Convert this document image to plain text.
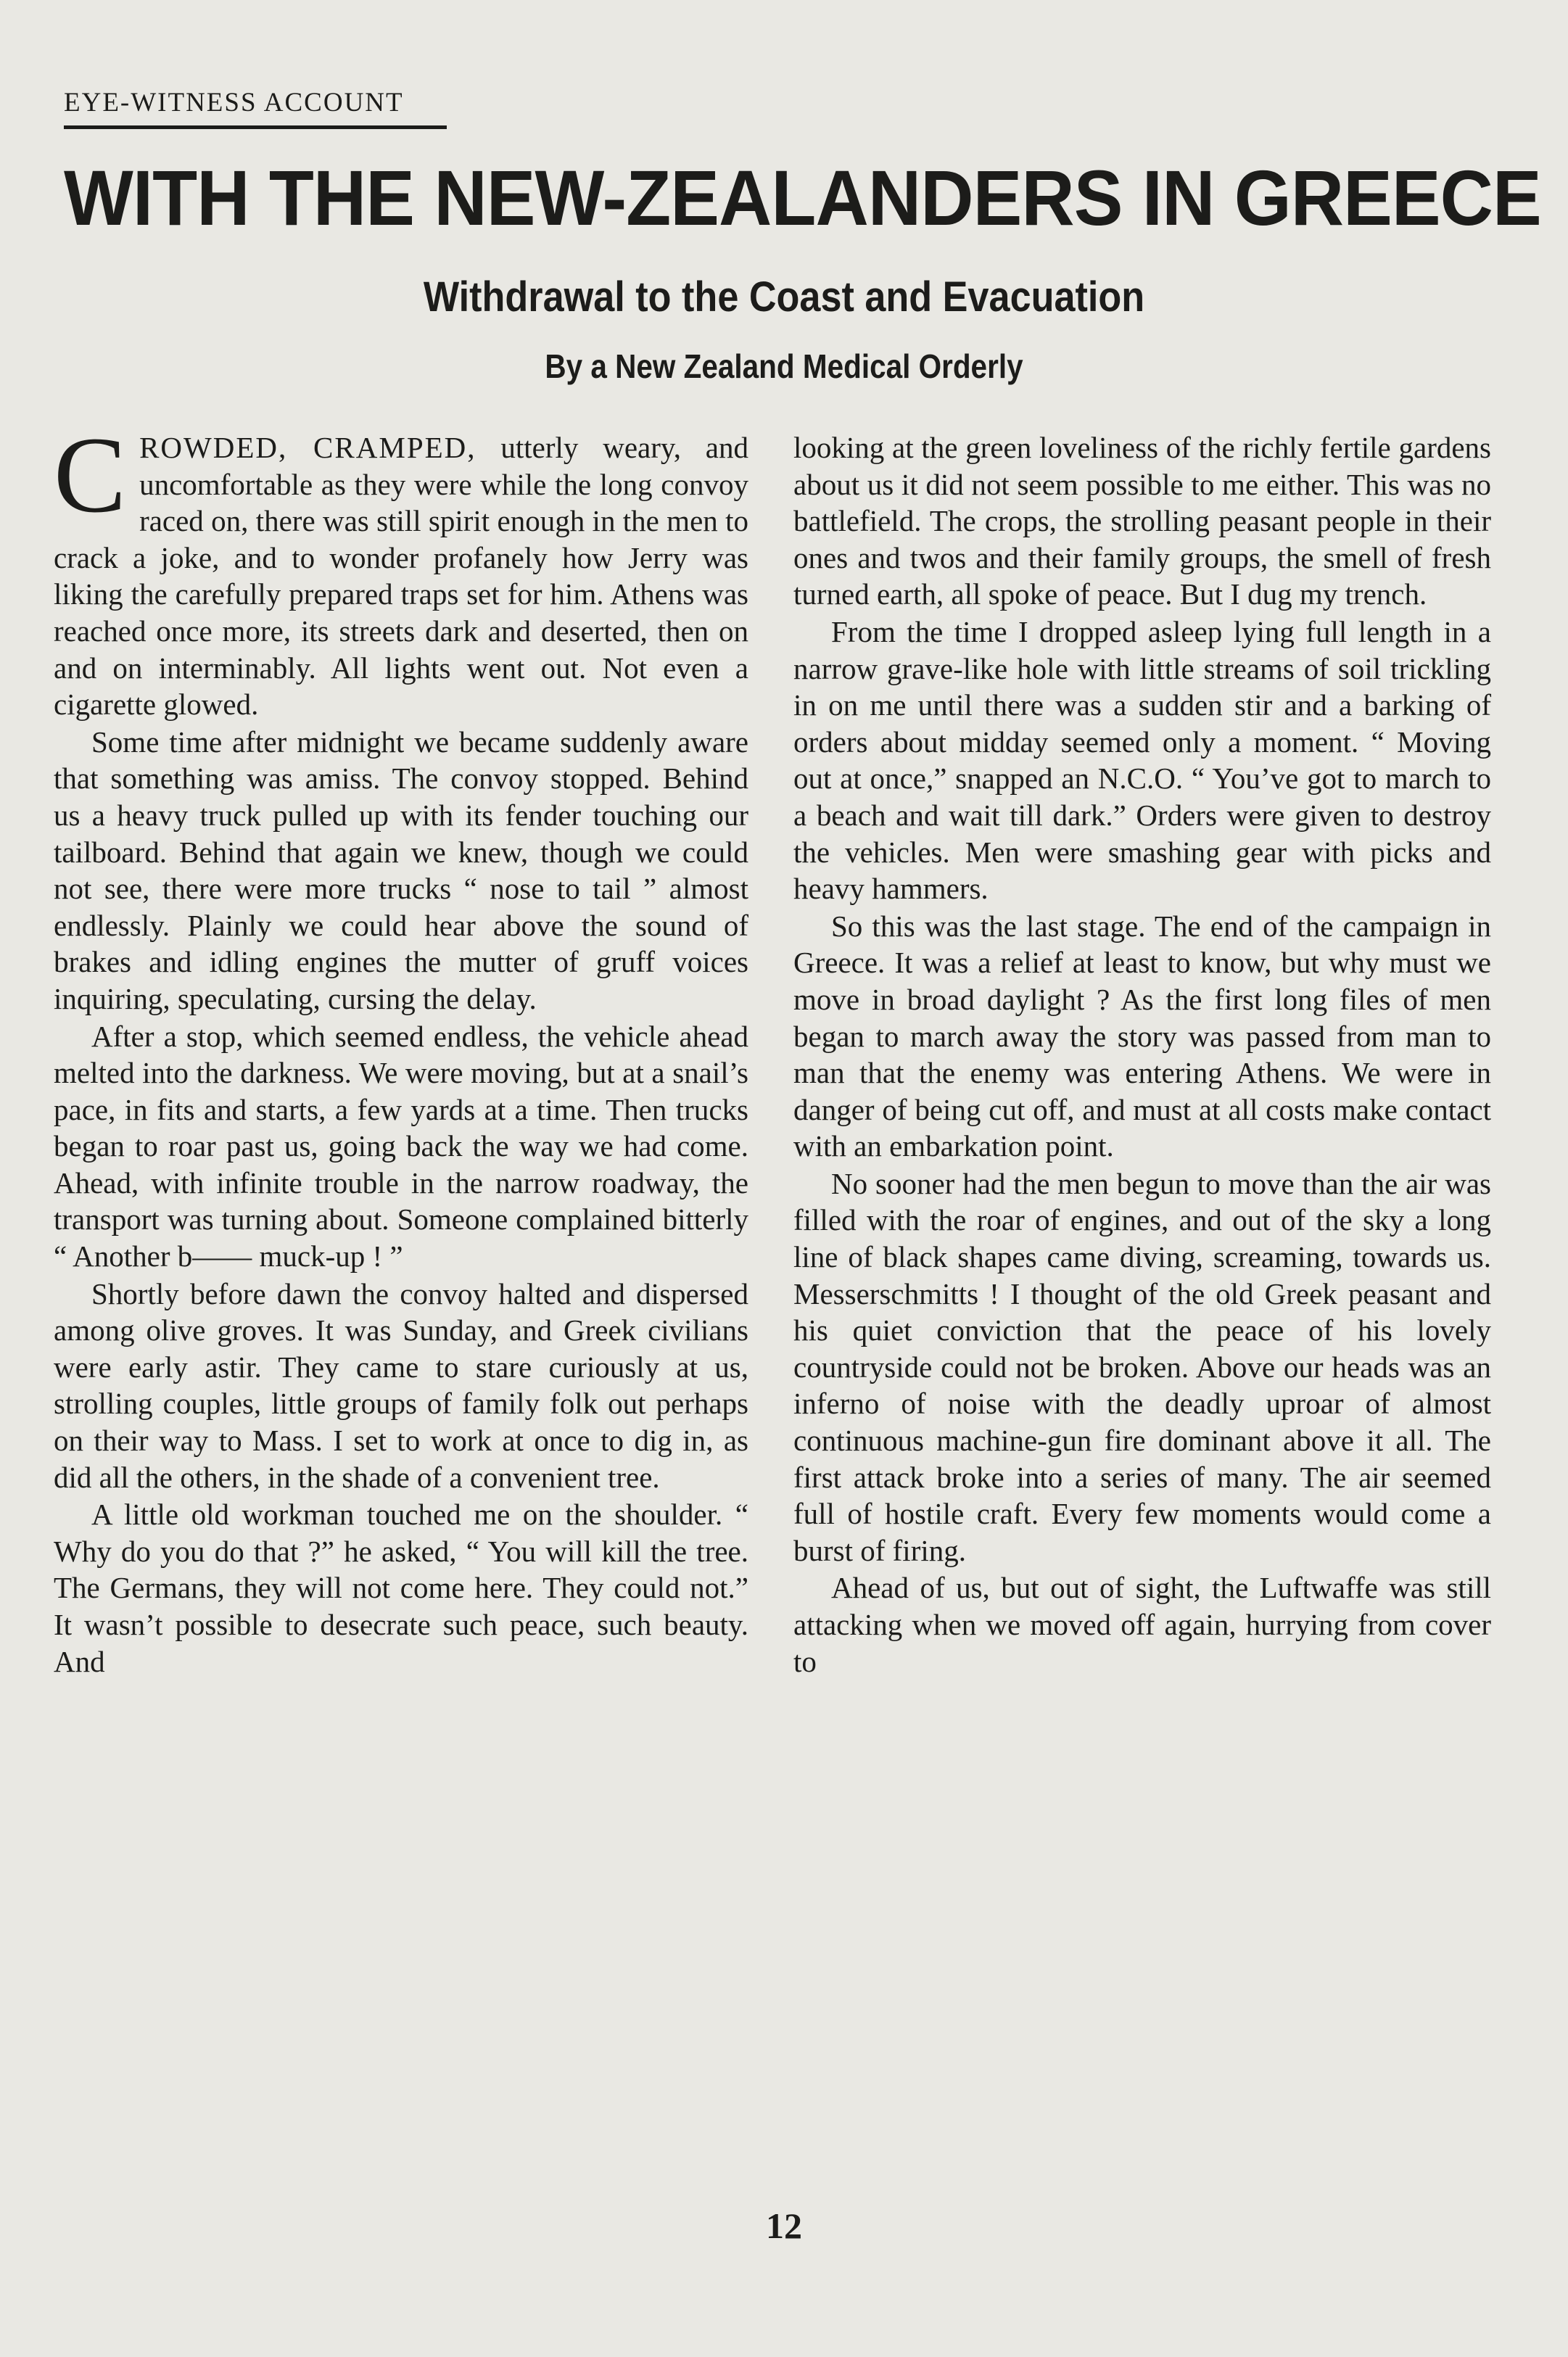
EYE-WITNESS ACCOUNT
WITH THE NEW-ZEALANDERS IN GREECE
Withdrawal to the Coast and Evacuation
By a New Zealand Medical Orderly

CROWDED, CRAMPED, utterly weary, and uncomfortable as they were while the long convoy raced on, there was still spirit enough in the men to crack a joke, and to wonder profanely how Jerry was liking the carefully prepared traps set for him. Athens was reached once more, its streets dark and deserted, then on and on interminably. All lights went out. Not even a cigarette glowed.

Some time after midnight we became suddenly aware that something was amiss. The convoy stopped. Behind us a heavy truck pulled up with its fender touching our tailboard. Behind that again we knew, though we could not see, there were more trucks “ nose to tail ” almost endlessly. Plainly we could hear above the sound of brakes and idling engines the mutter of gruff voices inquiring, speculating, cursing the delay.

After a stop, which seemed endless, the vehicle ahead melted into the darkness. We were moving, but at a snail’s pace, in fits and starts, a few yards at a time. Then trucks began to roar past us, going back the way we had come. Ahead, with infinite trouble in the narrow roadway, the transport was turning about. Someone complained bitterly “ Another b—— muck-up ! ”

Shortly before dawn the convoy halted and dispersed among olive groves. It was Sunday, and Greek civilians were early astir. They came to stare curiously at us, strolling couples, little groups of family folk out perhaps on their way to Mass. I set to work at once to dig in, as did all the others, in the shade of a convenient tree.

A little old workman touched me on the shoulder. “ Why do you do that ?” he asked, “ You will kill the tree. The Germans, they will not come here. They could not.” It wasn’t possible to desecrate such peace, such beauty. And

looking at the green loveliness of the richly fertile gardens about us it did not seem possible to me either. This was no battlefield. The crops, the strolling peasant people in their ones and twos and their family groups, the smell of fresh turned earth, all spoke of peace. But I dug my trench.

From the time I dropped asleep lying full length in a narrow grave-like hole with little streams of soil trickling in on me until there was a sudden stir and a barking of orders about midday seemed only a moment. “ Moving out at once,” snapped an N.C.O. “ You’ve got to march to a beach and wait till dark.” Orders were given to destroy the vehicles. Men were smashing gear with picks and heavy hammers.

So this was the last stage. The end of the campaign in Greece. It was a relief at least to know, but why must we move in broad daylight ? As the first long files of men began to march away the story was passed from man to man that the enemy was entering Athens. We were in danger of being cut off, and must at all costs make contact with an embarkation point.

No sooner had the men begun to move than the air was filled with the roar of engines, and out of the sky a long line of black shapes came diving, screaming, towards us. Messerschmitts ! I thought of the old Greek peasant and his quiet conviction that the peace of his lovely countryside could not be broken. Above our heads was an inferno of noise with the deadly uproar of almost continuous machine-gun fire dominant above it all. The first attack broke into a series of many. The air seemed full of hostile craft. Every few moments would come a burst of firing.

Ahead of us, but out of sight, the Luftwaffe was still attacking when we moved off again, hurrying from cover to

12
